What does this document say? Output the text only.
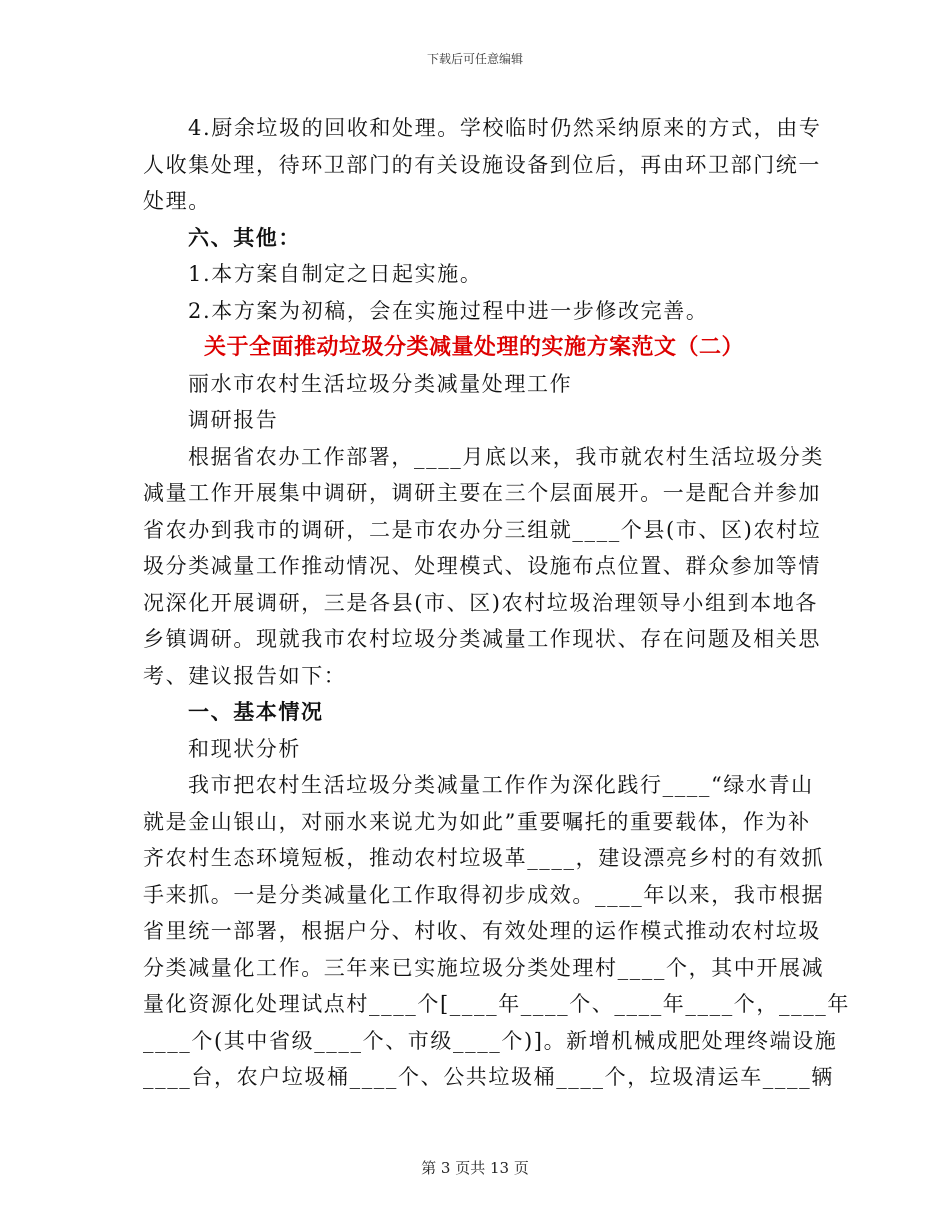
下载后可任意编辑
4.厨余垃圾的回收和处理。学校临时仍然采纳原来的方式，由专
人收集处理，待环卫部门的有关设施设备到位后，再由环卫部门统一
处理。
六、其他：
1.本方案自制定之日起实施。
2.本方案为初稿，会在实施过程中进一步修改完善。
关于全面推动垃圾分类减量处理的实施方案范文（二）
丽水市农村生活垃圾分类减量处理工作
调研报告
根据省农办工作部署，____月底以来，我市就农村生活垃圾分类
减量工作开展集中调研，调研主要在三个层面展开。一是配合并参加
省农办到我市的调研，二是市农办分三组就____个县(市、区)农村垃
圾分类减量工作推动情况、处理模式、设施布点位置、群众参加等情
况深化开展调研，三是各县(市、区)农村垃圾治理领导小组到本地各
乡镇调研。现就我市农村垃圾分类减量工作现状、存在问题及相关思
考、建议报告如下：
一、基本情况
和现状分析
我市把农村生活垃圾分类减量工作作为深化践行____“绿水青山
就是金山银山，对丽水来说尤为如此”重要嘱托的重要载体，作为补
齐农村生态环境短板，推动农村垃圾革____，建设漂亮乡村的有效抓
手来抓。一是分类减量化工作取得初步成效。____年以来，我市根据
省里统一部署，根据户分、村收、有效处理的运作模式推动农村垃圾
分类减量化工作。三年来已实施垃圾分类处理村____个，其中开展减
量化资源化处理试点村____个[____年____个、____年____个，____年
____个(其中省级____个、市级____个)]。新增机械成肥处理终端设施
____台，农户垃圾桶____个、公共垃圾桶____个，垃圾清运车____辆
第 3 页共 13 页
